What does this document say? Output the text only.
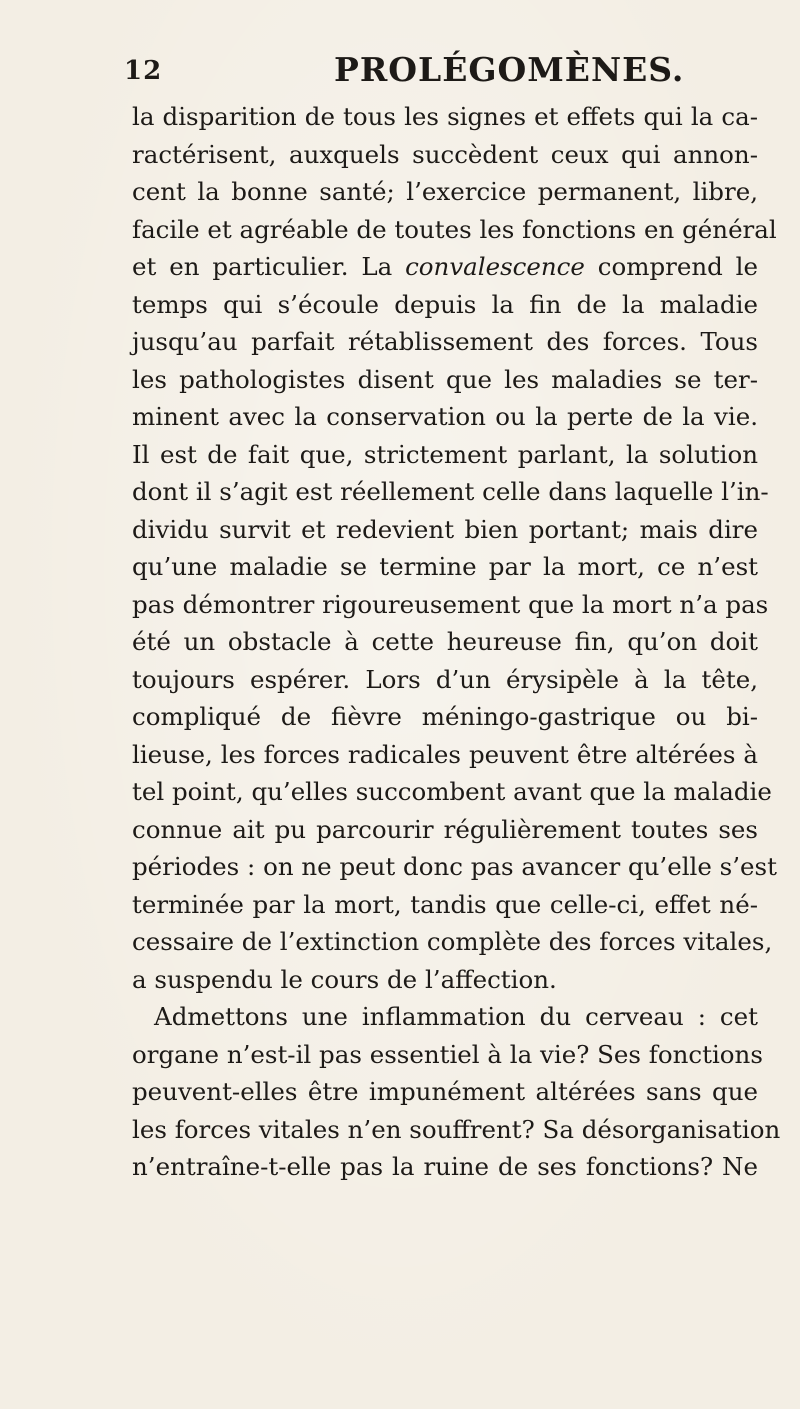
12	PROLÉGOMÈNES.
la disparition de tous les signes et effets qui la ca-
ractérisent, auxquels succèdent ceux qui annon-
cent la bonne santé; l’exercice permanent, libre,
facile et agréable de toutes les fonctions en général
et en particulier. La convalescence comprend le
temps qui s’écoule depuis la fin de la maladie
jusqu’au parfait rétablissement des forces. Tous
les pathologistes disent que les maladies se ter-
minent avec la conservation ou la perte de la vie.
Il est de fait que, strictement parlant, la solution
dont il s’agit est réellement celle dans laquelle l’in-
dividu survit et redevient bien portant; mais dire
qu’une maladie se termine par la mort, ce n’est
pas démontrer rigoureusement que la mort n’a pas
été un obstacle à cette heureuse fin, qu’on doit
toujours espérer. Lors d’un érysipèle à la tête,
compliqué de fièvre méningo-gastrique ou bi-
lieuse, les forces radicales peuvent être altérées à
tel point, qu’elles succombent avant que la maladie
connue ait pu parcourir régulièrement toutes ses
périodes : on ne peut donc pas avancer qu’elle s’est
terminée par la mort, tandis que celle-ci, effet né-
cessaire de l’extinction complète des forces vitales,
a suspendu le cours de l’affection.
Admettons une inflammation du cerveau : cet
organe n’est-il pas essentiel à la vie? Ses fonctions
peuvent-elles être impunément altérées sans que
les forces vitales n’en souffrent? Sa désorganisation
n’entraîne-t-elle pas la ruine de ses fonctions? Ne
